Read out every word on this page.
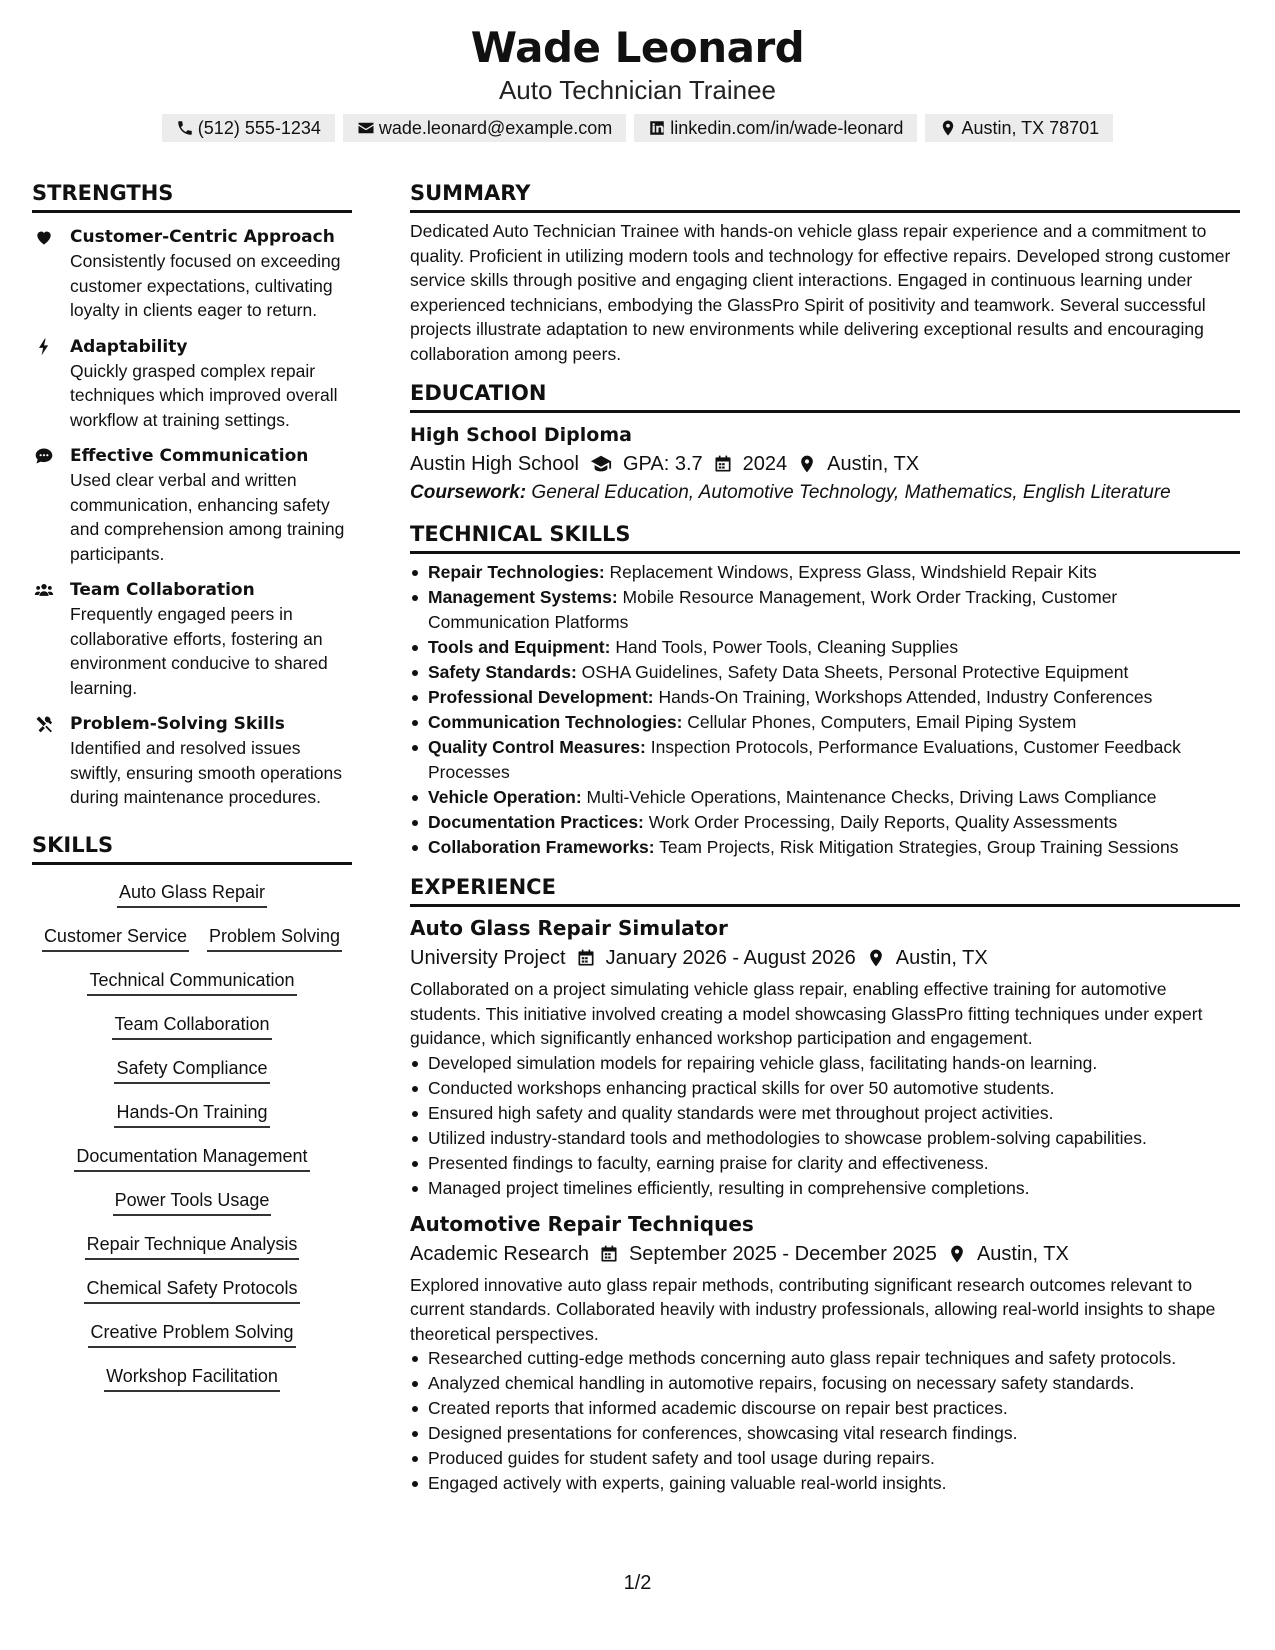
Wade Leonard
Auto Technician Trainee
(512) 555-1234	wade.leonard@example.com	linkedin.com/in/wade-leonard	Austin, TX 78701
STRENGTHS
Customer-Centric Approach
Consistently focused on exceeding customer expectations, cultivating loyalty in clients eager to return.
Adaptability
Quickly grasped complex repair techniques which improved overall workflow at training settings.
Effective Communication
Used clear verbal and written communication, enhancing safety and comprehension among training participants.
Team Collaboration
Frequently engaged peers in collaborative efforts, fostering an environment conducive to shared learning.
Problem-Solving Skills
Identified and resolved issues swiftly, ensuring smooth operations during maintenance procedures.
SKILLS
Auto Glass Repair
Customer Service Problem Solving
Technical Communication
Team Collaboration
Safety Compliance
Hands-On Training
Documentation Management
Power Tools Usage
Repair Technique Analysis
Chemical Safety Protocols
Creative Problem Solving
Workshop Facilitation
SUMMARY
Dedicated Auto Technician Trainee with hands-on vehicle glass repair experience and a commitment to quality. Proficient in utilizing modern tools and technology for effective repairs. Developed strong customer service skills through positive and engaging client interactions. Engaged in continuous learning under experienced technicians, embodying the GlassPro Spirit of positivity and teamwork. Several successful projects illustrate adaptation to new environments while delivering exceptional results and encouraging collaboration among peers.
EDUCATION
High School Diploma
Austin High School GPA: 3.7 2024 Austin, TX
Coursework: General Education, Automotive Technology, Mathematics, English Literature
TECHNICAL SKILLS
Repair Technologies: Replacement Windows, Express Glass, Windshield Repair Kits
Management Systems: Mobile Resource Management, Work Order Tracking, Customer Communication Platforms
Tools and Equipment: Hand Tools, Power Tools, Cleaning Supplies
Safety Standards: OSHA Guidelines, Safety Data Sheets, Personal Protective Equipment
Professional Development: Hands-On Training, Workshops Attended, Industry Conferences
Communication Technologies: Cellular Phones, Computers, Email Piping System
Quality Control Measures: Inspection Protocols, Performance Evaluations, Customer Feedback Processes
Vehicle Operation: Multi-Vehicle Operations, Maintenance Checks, Driving Laws Compliance
Documentation Practices: Work Order Processing, Daily Reports, Quality Assessments
Collaboration Frameworks: Team Projects, Risk Mitigation Strategies, Group Training Sessions
EXPERIENCE
Auto Glass Repair Simulator
University Project January 2026 - August 2026 Austin, TX
Collaborated on a project simulating vehicle glass repair, enabling effective training for automotive students. This initiative involved creating a model showcasing GlassPro fitting techniques under expert guidance, which significantly enhanced workshop participation and engagement.
Developed simulation models for repairing vehicle glass, facilitating hands-on learning.
Conducted workshops enhancing practical skills for over 50 automotive students.
Ensured high safety and quality standards were met throughout project activities.
Utilized industry-standard tools and methodologies to showcase problem-solving capabilities.
Presented findings to faculty, earning praise for clarity and effectiveness.
Managed project timelines efficiently, resulting in comprehensive completions.
Automotive Repair Techniques
Academic Research September 2025 - December 2025 Austin, TX
Explored innovative auto glass repair methods, contributing significant research outcomes relevant to current standards. Collaborated heavily with industry professionals, allowing real-world insights to shape theoretical perspectives.
Researched cutting-edge methods concerning auto glass repair techniques and safety protocols.
Analyzed chemical handling in automotive repairs, focusing on necessary safety standards.
Created reports that informed academic discourse on repair best practices.
Designed presentations for conferences, showcasing vital research findings.
Produced guides for student safety and tool usage during repairs.
Engaged actively with experts, gaining valuable real-world insights.
1/2
